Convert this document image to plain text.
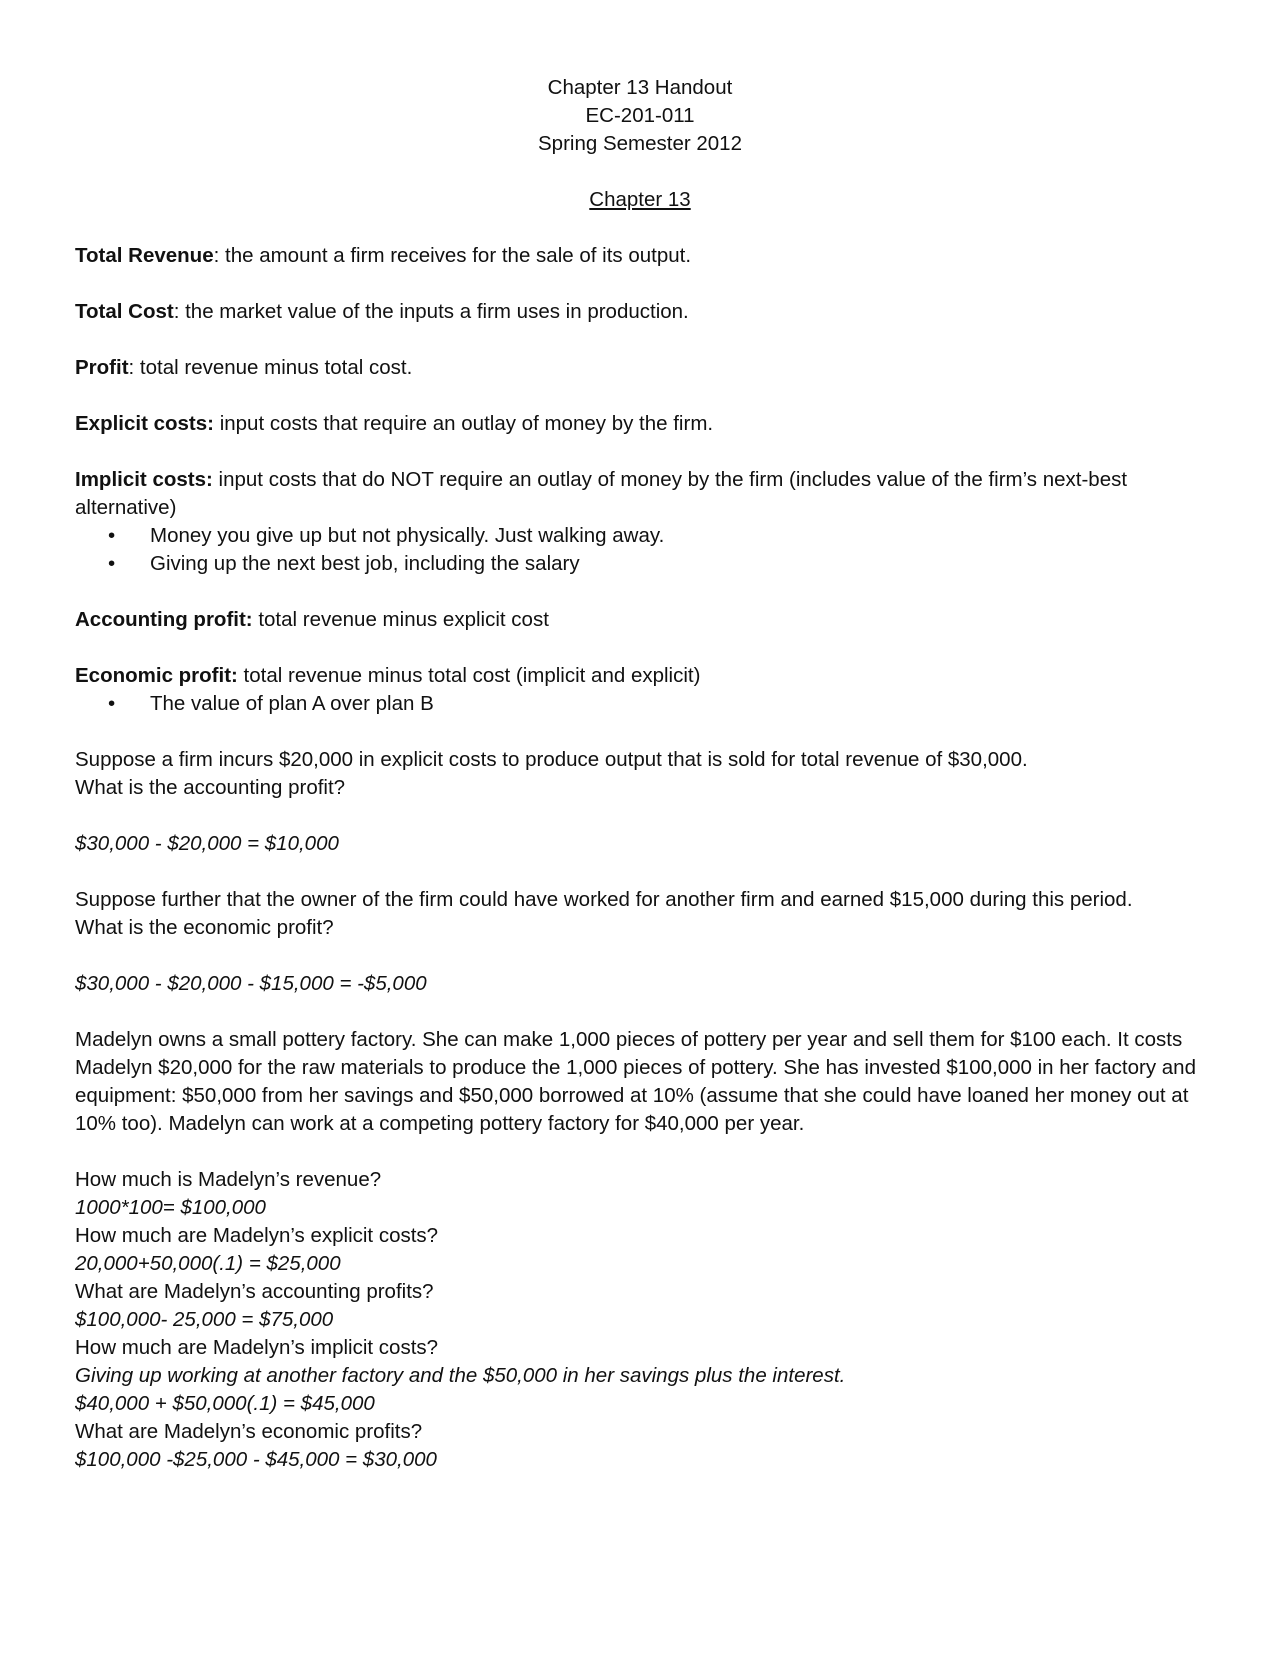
Chapter 13 Handout
EC-201-011
Spring Semester 2012
Chapter 13

Total Revenue: the amount a firm receives for the sale of its output.

Total Cost: the market value of the inputs a firm uses in production.

Profit: total revenue minus total cost.

Explicit costs: input costs that require an outlay of money by the firm.

Implicit costs: input costs that do NOT require an outlay of money by the firm (includes value of the firm’s next-best alternative)

• Money you give up but not physically. Just walking away.
• Giving up the next best job, including the salary

Accounting profit: total revenue minus explicit cost

Economic profit: total revenue minus total cost (implicit and explicit)

• The value of plan A over plan B

Suppose a firm incurs $20,000 in explicit costs to produce output that is sold for total revenue of $30,000.

What is the accounting profit?

$30,000 - $20,000 = $10,000

Suppose further that the owner of the firm could have worked for another firm and earned $15,000 during this period.

What is the economic profit?

$30,000 - $20,000 - $15,000 = -$5,000

Madelyn owns a small pottery factory. She can make 1,000 pieces of pottery per year and sell them for $100 each. It costs Madelyn $20,000 for the raw materials to produce the 1,000 pieces of pottery. She has invested $100,000 in her factory and equipment: $50,000 from her savings and $50,000 borrowed at 10% (assume that she could have loaned her money out at 10% too). Madelyn can work at a competing pottery factory for $40,000 per year.

How much is Madelyn’s revenue?

1000*100= $100,000

How much are Madelyn’s explicit costs?

20,000+50,000(.1) = $25,000

What are Madelyn’s accounting profits?

$100,000- 25,000 = $75,000

How much are Madelyn’s implicit costs?

Giving up working at another factory and the $50,000 in her savings plus the interest.

$40,000 + $50,000(.1) = $45,000

What are Madelyn’s economic profits?

$100,000 -$25,000 - $45,000 = $30,000
